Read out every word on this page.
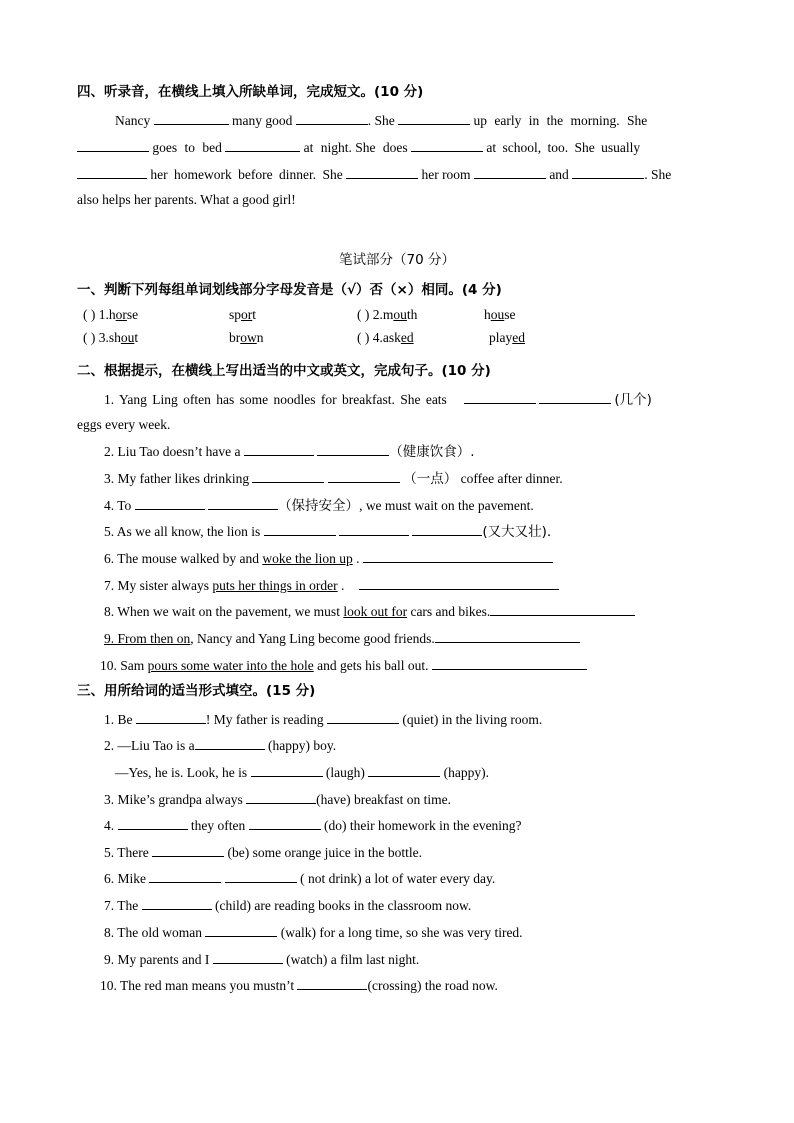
四、听录音，在横线上填入所缺单词，完成短文。(10 分)
Nancy	many good	. She	up early in the morning. She
goes to bed	at night. She does	at school, too. She usually
her homework before dinner. She	her room	and	. She
also helps her parents. What a good girl!
笔试部分（70 分）
一、判断下列每组单词划线部分字母发音是（√）否（×）相同。(4 分)
( ) 1.horse	sport	( ) 2.mouth	house
( ) 3.shout	brown	( ) 4.asked	played
二、根据提示，在横线上写出适当的中文或英文，完成句子。(10 分)
1. Yang Ling often has some noodles for breakfast. She eats	(几个)
eggs every week.
2. Liu Tao doesn’t have a	（健康饮食）.
3. My father likes drinking	（一点） coffee after dinner.
4. To	（保持安全）, we must wait on the pavement.
5. As we all know, the lion is	(又大又壮).
6. The mouse walked by and woke the lion up .
7. My sister always puts her things in order .
8. When we wait on the pavement, we must look out for cars and bikes.
9. From then on, Nancy and Yang Ling become good friends.
10. Sam pours some water into the hole and gets his ball out.
三、用所给词的适当形式填空。(15 分)
1. Be	! My father is reading	(quiet) in the living room.
2. —Liu Tao is a	(happy) boy.
—Yes, he is. Look, he is	(laugh)	(happy).
3. Mike’s grandpa always	(have) breakfast on time.
4.	they often	(do) their homework in the evening?
5. There	(be) some orange juice in the bottle.
6. Mike	( not drink) a lot of water every day.
7. The	(child) are reading books in the classroom now.
8. The old woman	(walk) for a long time, so she was very tired.
9. My parents and I	(watch) a film last night.
10. The red man means you mustn’t	(crossing) the road now.
